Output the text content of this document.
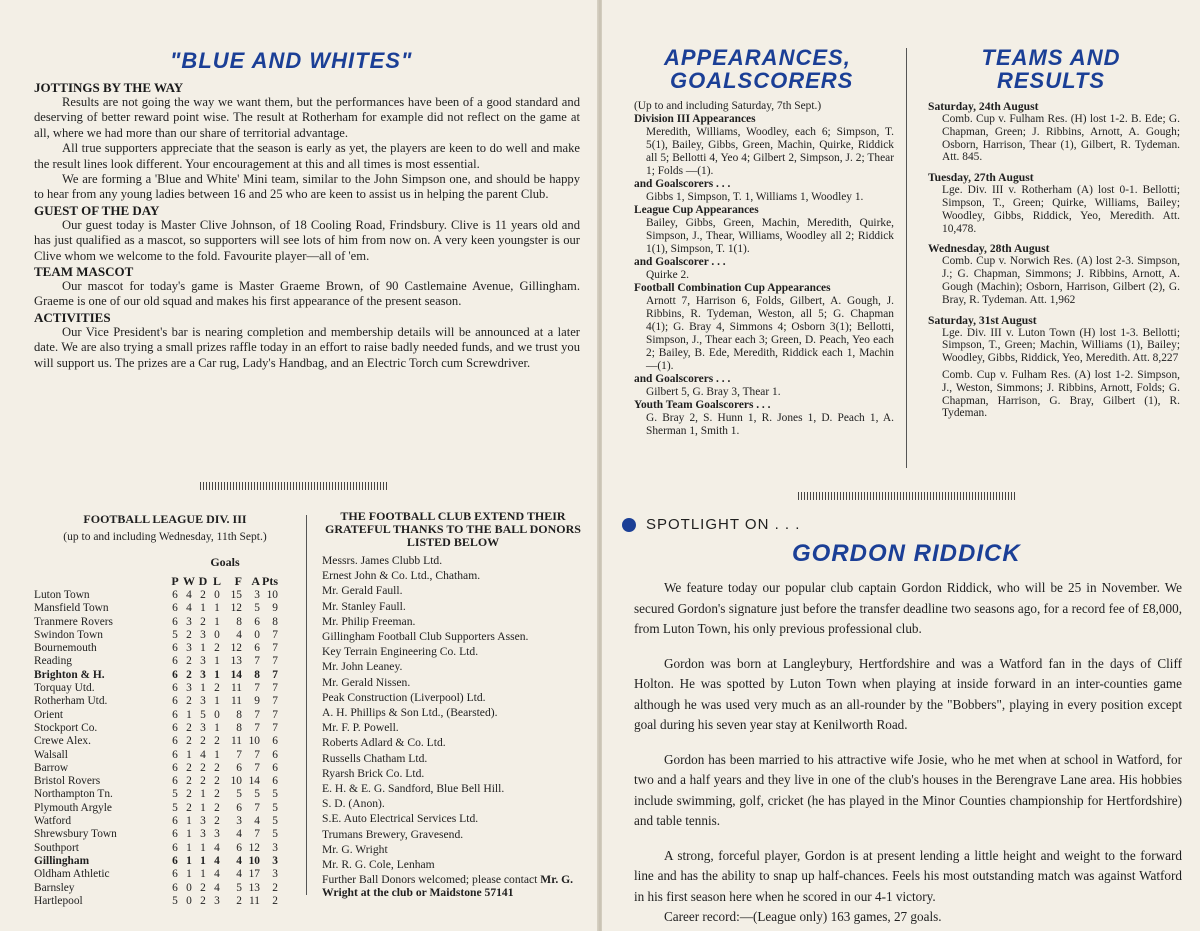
"BLUE AND WHITES"
JOTTINGS BY THE WAY

Results are not going the way we want them, but the performances have been of a good standard and deserving of better reward point wise. The result at Rotherham for example did not reflect on the game at all, where we had more than our share of territorial advantage.

All true supporters appreciate that the season is early as yet, the players are keen to do well and make the result lines look different. Your encouragement at this and all times is most essential.

We are forming a 'Blue and White' Mini team, similar to the John Simpson one, and should be happy to hear from any young ladies between 16 and 25 who are keen to assist us in helping the parent Club.

GUEST OF THE DAY

Our guest today is Master Clive Johnson, of 18 Cooling Road, Frindsbury. Clive is 11 years old and has just qualified as a mascot, so supporters will see lots of him from now on. A very keen youngster is our Clive whom we welcome to the fold. Favourite player—all of 'em.

TEAM MASCOT

Our mascot for today's game is Master Graeme Brown, of 90 Castlemaine Avenue, Gillingham. Graeme is one of our old squad and makes his first appearance of the present season.

ACTIVITIES

Our Vice President's bar is nearing completion and membership details will be announced at a later date. We are also trying a small prizes raffle today in an effort to raise badly needed funds, and we trust you will support us. The prizes are a Car rug, Lady's Handbag, and an Electric Torch cum Screwdriver.

FOOTBALL LEAGUE DIV. III
(up to and including Wednesday, 11th Sept.)
Goals
P W D L	F A Pts
Luton Town	6 4 2 0 15	3 10
Mansfield Town	6 4 1 1 12	5	9
Tranmere Rovers	6 3 2 1	8	6	8
Swindon Town	5 2 3 0	4	0	7
Bournemouth	6 3 1 2 12	6	7
Reading	6 2 3 1 13	7	7
Brighton & H.	6 2 3 1 14	8	7
Torquay Utd.	6 3 1 2 11	7	7
Rotherham Utd.	6 2 3 1 11	9	7
Orient	6 1 5 0	8	7	7
Stockport Co.	6 2 3 1	8	7	7
Crewe Alex.	6 2 2 2 11 10	6
Walsall	6 1 4 1	7	7	6
Barrow	6 2 2 2	6	7	6
Bristol Rovers	6 2 2 2 10 14	6
Northampton Tn.	5 2 1 2	5	5	5
Plymouth Argyle	5 2 1 2	6	7	5
Watford	6 1 3 2	3	4	5
Shrewsbury Town	6 1 3 3	4	7	5
Southport	6 1 1 4	6 12	3
Gillingham	6 1 1 4	4 10	3
Oldham Athletic	6 1 1 4	4 17	3
Barnsley	6 0 2 4	5 13	2
Hartlepool	5 0 2 3	2 11	2
THE FOOTBALL CLUB EXTEND THEIR GRATEFUL THANKS TO THE BALL DONORS LISTED BELOW
Messrs. James Clubb Ltd.
Ernest John & Co. Ltd., Chatham.
Mr. Gerald Faull.
Mr. Stanley Faull.
Mr. Philip Freeman.
Gillingham Football Club Supporters Assen.
Key Terrain Engineering Co. Ltd.
Mr. John Leaney.
Mr. Gerald Nissen.
Peak Construction (Liverpool) Ltd.
A. H. Phillips & Son Ltd., (Bearsted).
Mr. F. P. Powell.
Roberts Adlard & Co. Ltd.
Russells Chatham Ltd.
Ryarsh Brick Co. Ltd.
E. H. & E. G. Sandford, Blue Bell Hill.
S. D. (Anon).
S.E. Auto Electrical Services Ltd.
Trumans Brewery, Gravesend.
Mr. G. Wright
Mr. R. G. Cole, Lenham
Further Ball Donors welcomed; please contact Mr. G. Wright at the club or Maidstone 57141
APPEARANCES,
GOALSCORERS
TEAMS AND
RESULTS
(Up to and including Saturday, 7th Sept.)
Division III Appearances
Meredith, Williams, Woodley, each 6; Simpson, T. 5(1), Bailey, Gibbs, Green, Machin, Quirke, Riddick all 5; Bellotti 4, Yeo 4; Gilbert 2, Simpson, J. 2; Thear 1; Folds —(1).
and Goalscorers . . .
Gibbs 1, Simpson, T. 1, Williams 1, Woodley 1.
League Cup Appearances
Bailey, Gibbs, Green, Machin, Meredith, Quirke, Simpson, J., Thear, Williams, Woodley all 2; Riddick 1(1), Simpson, T. 1(1).
and Goalscorer . . .
Quirke 2.
Football Combination Cup Appearances
Arnott 7, Harrison 6, Folds, Gilbert, A. Gough, J. Ribbins, R. Tydeman, Weston, all 5; G. Chapman 4(1); G. Bray 4, Simmons 4; Osborn 3(1); Bellotti, Simpson, J., Thear each 3; Green, D. Peach, Yeo each 2; Bailey, B. Ede, Meredith, Riddick each 1, Machin —(1).
and Goalscorers . . .
Gilbert 5, G. Bray 3, Thear 1.
Youth Team Goalscorers . . .
G. Bray 2, S. Hunn 1, R. Jones 1, D. Peach 1, A. Sherman 1, Smith 1.
Saturday, 24th August
Comb. Cup v. Fulham Res. (H) lost 1-2. B. Ede; G. Chapman, Green; J. Ribbins, Arnott, A. Gough; Osborn, Harrison, Thear (1), Gilbert, R. Tydeman. Att. 845.
Tuesday, 27th August
Lge. Div. III v. Rotherham (A) lost 0-1. Bellotti; Simpson, T., Green; Quirke, Williams, Bailey; Woodley, Gibbs, Riddick, Yeo, Meredith. Att. 10,478.
Wednesday, 28th August
Comb. Cup v. Norwich Res. (A) lost 2-3. Simpson, J.; G. Chapman, Simmons; J. Ribbins, Arnott, A. Gough (Machin); Osborn, Harrison, Gilbert (2), G. Bray, R. Tydeman. Att. 1,962
Saturday, 31st August
Lge. Div. III v. Luton Town (H) lost 1-3. Bellotti; Simpson, T., Green; Machin, Williams (1), Bailey; Woodley, Gibbs, Riddick, Yeo, Meredith. Att. 8,227
Comb. Cup v. Fulham Res. (A) lost 1-2. Simpson, J., Weston, Simmons; J. Ribbins, Arnott, Folds; G. Chapman, Harrison, G. Bray, Gilbert (1), R. Tydeman.
SPOTLIGHT ON . . .
GORDON RIDDICK

We feature today our popular club captain Gordon Riddick, who will be 25 in November. We secured Gordon's signature just before the transfer deadline two seasons ago, for a record fee of £8,000, from Luton Town, his only previous professional club.

Gordon was born at Langleybury, Hertfordshire and was a Watford fan in the days of Cliff Holton. He was spotted by Luton Town when playing at inside forward in an inter-counties game although he was used very much as an all-rounder by the "Bobbers", playing in every position except goal during his seven year stay at Kenilworth Road.

Gordon has been married to his attractive wife Josie, who he met when at school in Watford, for two and a half years and they live in one of the club's houses in the Berengrave Lane area. His hobbies include swimming, golf, cricket (he has played in the Minor Counties championship for Hertfordshire) and table tennis.

A strong, forceful player, Gordon is at present lending a little height and weight to the forward line and has the ability to snap up half-chances. Feels his most outstanding match was against Watford in his first season here when he scored in our 4-1 victory.

Career record:—(League only) 163 games, 27 goals.
